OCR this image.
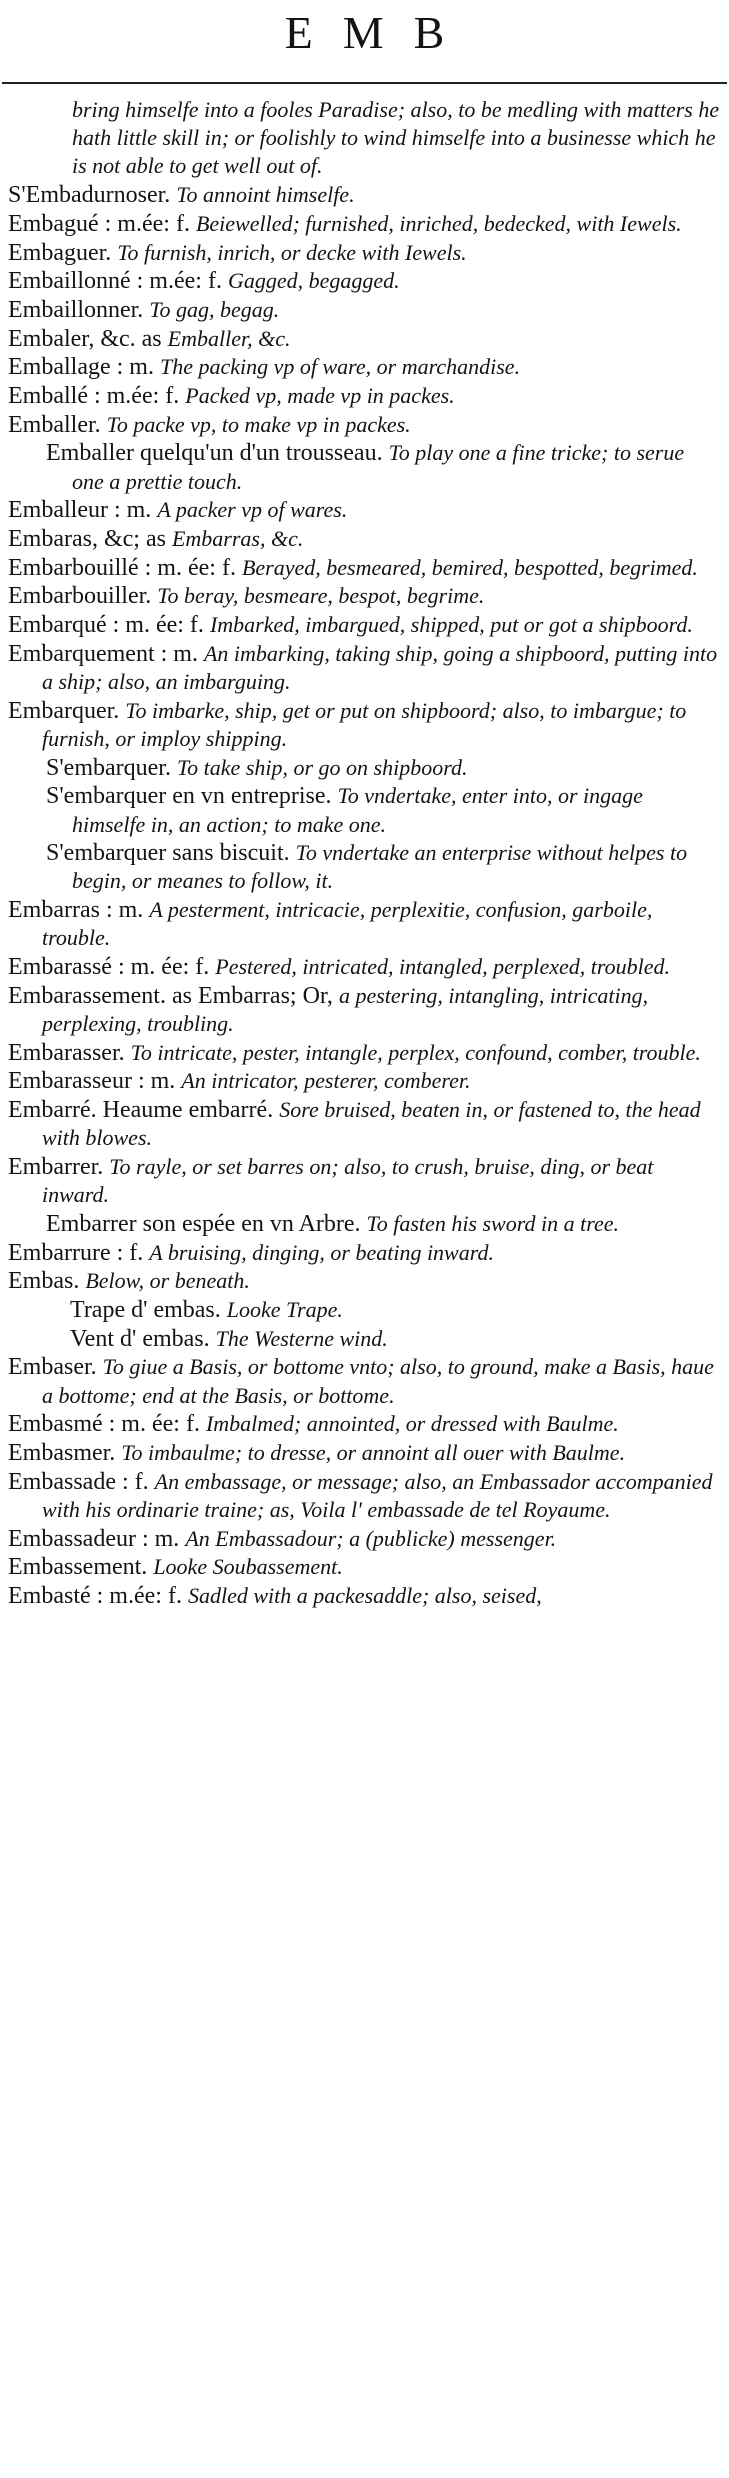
EMB

bring himselfe into a fooles Paradise; also, to be medling with matters he hath little skill in; or foolishly to wind himselfe into a businesse which he is not able to get well out of.

S'Embadurnoser. To annoint himselfe.

Embagué : m.ée: f. Beiewelled; furnished, inriched, bedecked, with Iewels.

Embaguer. To furnish, inrich, or decke with Iewels.

Embaillonné : m.ée: f. Gagged, begagged.

Embaillonner. To gag, begag.

Embaler, &c. as Emballer, &c.

Emballage : m. The packing vp of ware, or marchandise.

Emballé : m.ée: f. Packed vp, made vp in packes.

Emballer. To packe vp, to make vp in packes.

Emballer quelqu'un d'un trousseau. To play one a fine tricke; to serue one a prettie touch.

Emballeur : m. A packer vp of wares.

Embaras, &c; as Embarras, &c.

Embarbouillé : m. ée: f. Berayed, besmeared, bemired, bespotted, begrimed.

Embarbouiller. To beray, besmeare, bespot, begrime.

Embarqué : m. ée: f. Imbarked, imbargued, shipped, put or got a shipboord.

Embarquement : m. An imbarking, taking ship, going a shipboord, putting into a ship; also, an imbarguing.

Embarquer. To imbarke, ship, get or put on shipboord; also, to imbargue; to furnish, or imploy shipping.

S'embarquer. To take ship, or go on shipboord.

S'embarquer en vn entreprise. To vndertake, enter into, or ingage himselfe in, an action; to make one.

S'embarquer sans biscuit. To vndertake an enterprise without helpes to begin, or meanes to follow, it.

Embarras : m. A pesterment, intricacie, perplexitie, confusion, garboile, trouble.

Embarassé : m. ée: f. Pestered, intricated, intangled, perplexed, troubled.

Embarassement. as Embarras; Or, a pestering, intangling, intricating, perplexing, troubling.

Embarasser. To intricate, pester, intangle, perplex, confound, comber, trouble.

Embarasseur : m. An intricator, pesterer, comberer.

Embarré. Heaume embarré. Sore bruised, beaten in, or fastened to, the head with blowes.

Embarrer. To rayle, or set barres on; also, to crush, bruise, ding, or beat inward.

Embarrer son espée en vn Arbre. To fasten his sword in a tree.

Embarrure : f. A bruising, dinging, or beating inward.

Embas. Below, or beneath.

Trape d' embas. Looke Trape.

Vent d' embas. The Westerne wind.

Embaser. To giue a Basis, or bottome vnto; also, to ground, make a Basis, haue a bottome; end at the Basis, or bottome.

Embasmé : m. ée: f. Imbalmed; annointed, or dressed with Baulme.

Embasmer. To imbaulme; to dresse, or annoint all ouer with Baulme.

Embassade : f. An embassage, or message; also, an Embassador accompanied with his ordinarie traine; as, Voila l' embassade de tel Royaume.

Embassadeur : m. An Embassadour; a (publicke) messenger.

Embassement. Looke Soubassement.

Embasté : m.ée: f. Sadled with a packesaddle; also, seised,
